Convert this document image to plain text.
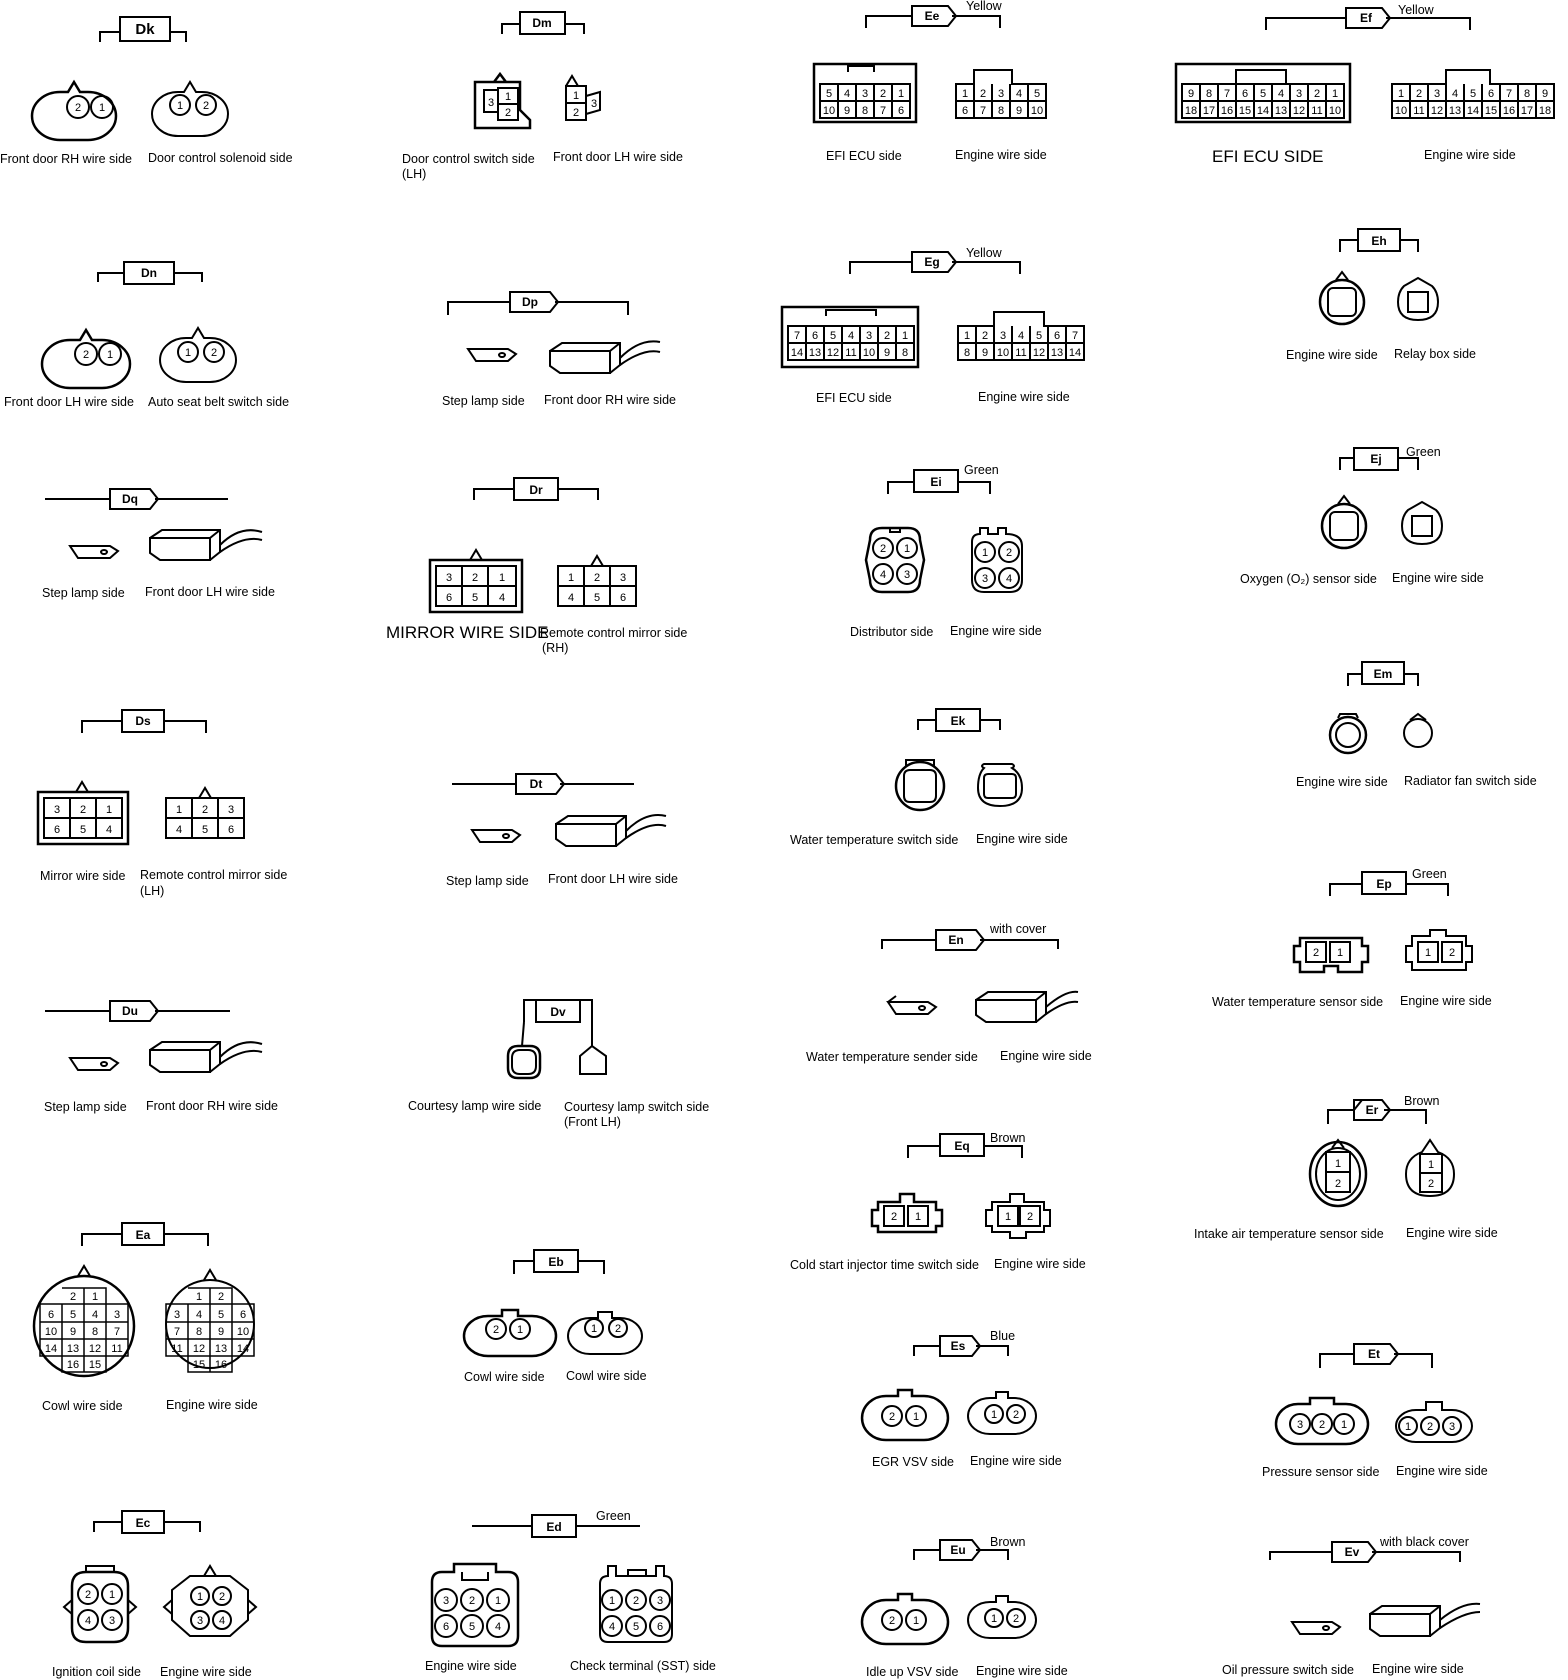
Dk
2 1	1 2
Front door RH wire side Door control solenoid side
Dn
2 1	1 2
Front door LH wire side Auto seat belt switch side
Dq
Step lamp side Front door LH wire side
Ds
3 2 1
6 5 4
1 2 3
4 5 6
Mirror wire side Remote control mirror side
(LH)
Du
Step lamp side Front door RH wire side
Ea
2 1
6 5 4 3
10 9 8 7
14 13 12 11
16 15
1 2
3 4 5 6
7 8 9 10
11 12 13 14
15 16
Cowl wire side	Engine wire side
Ec
2 1
4 3
1 2
3 4
Ignition coil side Engine wire side
Dm
3 1
2
1
2
3
Door control switch side
(LH)
Front door LH wire side
Dp
Step lamp side Front door RH wire side
Dr
3 2 1
6 5 4
1 2 3
4 5 6
MIRROR WIRE SIDE
Remote control mirror side
(RH)
Dt
Step lamp side Front door LH wire side
Dv
Courtesy lamp wire side Courtesy lamp switch side
(Front LH)
Eb
2 1	1 2
Cowl wire side Cowl wire side
Ed
Green
3 2 1
6 5 4
1 2 3
4 5 6
Engine wire side	Check terminal (SST) side
Ee
Yellow
5 4 3 2 1
10 9 8 7 6
1 2 3 4 5
6 7 8 9 10
EFI ECU side	Engine wire side
Eg
Yellow
7 6 5 4 3 2 1
14 13 12 11 10 9 8
1 2 3 4 5 6 7
8 9 10 11 12 13 14
EFI ECU side	Engine wire side
Ei
Green
2 1
4 3
1 2
3 4
Distributor side Engine wire side
Ek
Water temperature switch side Engine wire side
En
with cover
Water temperature sender side Engine wire side
Eq
Brown
2 1	1 2
Cold start injector time switch side Engine wire side
Es
Blue
2 1	1 2
EGR VSV side Engine wire side
Eu
Brown
2 1	1 2
Idle up VSV side Engine wire side
Ef
Yellow
9 8 7 6 5 4 3 2 1
18 17 16 15 14 13 12 11 10
1 2 3 4 5 6 7 8 9
10 11 12 13 14 15 16 17 18
EFI ECU SIDE	Engine wire side
Eh
Engine wire side Relay box side
Ej Green
Oxygen (O₂) sensor side Engine wire side
Em
Engine wire side Radiator fan switch side
Ep
Green
2 1	1 2
Water temperature sensor side Engine wire side
Er
Brown
1
2
1
2
Intake air temperature sensor side Engine wire side
Et
3 2 1	1 2 3
Pressure sensor side Engine wire side
Ev
with black cover
Oil pressure switch side Engine wire side
